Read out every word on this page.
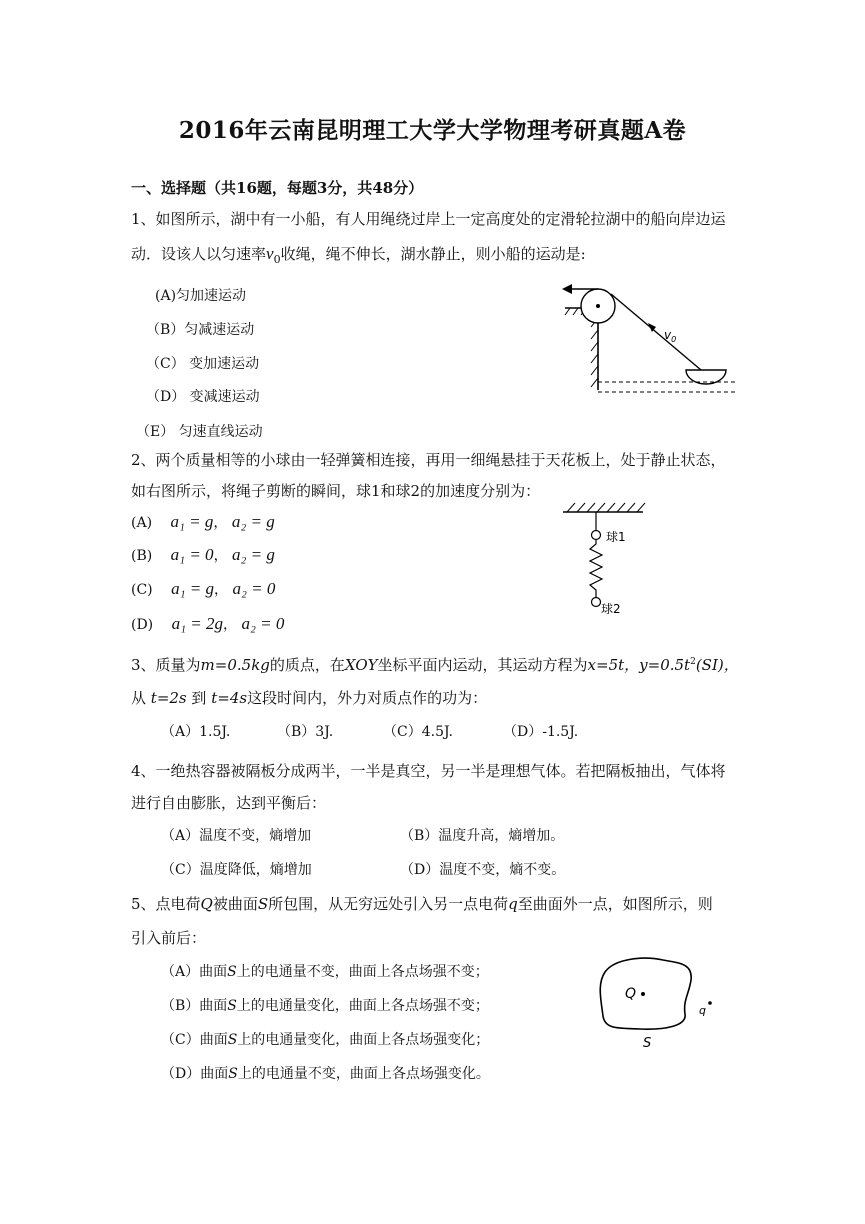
2016年云南昆明理工大学大学物理考研真题A卷
一、选择题（共16题，每题3分，共48分）
1、如图所示，湖中有一小船，有人用绳绕过岸上一定高度处的定滑轮拉湖中的船向岸边运
动．设该人以匀速率$v_0$收绳，绳不伸长，湖水静止，则小船的运动是:
(A)匀加速运动
（B）匀减速运动
（C） 变加速运动
（D） 变减速运动
（E） 匀速直线运动
$v_0$
2、两个质量相等的小球由一轻弹簧相连接，再用一细绳悬挂于天花板上，处于静止状态，
如右图所示，将绳子剪断的瞬间，球1和球2的加速度分别为：
(A) a₁ = g， a₂ = g
(B) a₁ = 0， a₂ = g
(C) a₁ = g， a₂ = 0
(D) a₁ = 2g， a₂ = 0
球1
球2
3、质量为m=0.5kg的质点，在XOY坐标平面内运动，其运动方程为x=5t，$y=0.5t^2(SI)$，
从 t=2s 到 t=4s这段时间内，外力对质点作的功为：
（A）1.5J.	（B）3J.	（C）4.5J.	（D）-1.5J.
4、一绝热容器被隔板分成两半，一半是真空，另一半是理想气体。若把隔板抽出，气体将
进行自由膨胀，达到平衡后：
（A）温度不变，熵增加	（B）温度升高，熵增加。
（C）温度降低，熵增加	（D）温度不变，熵不变。
5、点电荷Q被曲面S所包围，从无穷远处引入另一点电荷q至曲面外一点，如图所示，则
引入前后：
（A）曲面S上的电通量不变，曲面上各点场强不变；
（B）曲面S上的电通量变化，曲面上各点场强不变；
（C）曲面S上的电通量变化，曲面上各点场强变化；
（D）曲面S上的电通量不变，曲面上各点场强变化。
Q
q
S
